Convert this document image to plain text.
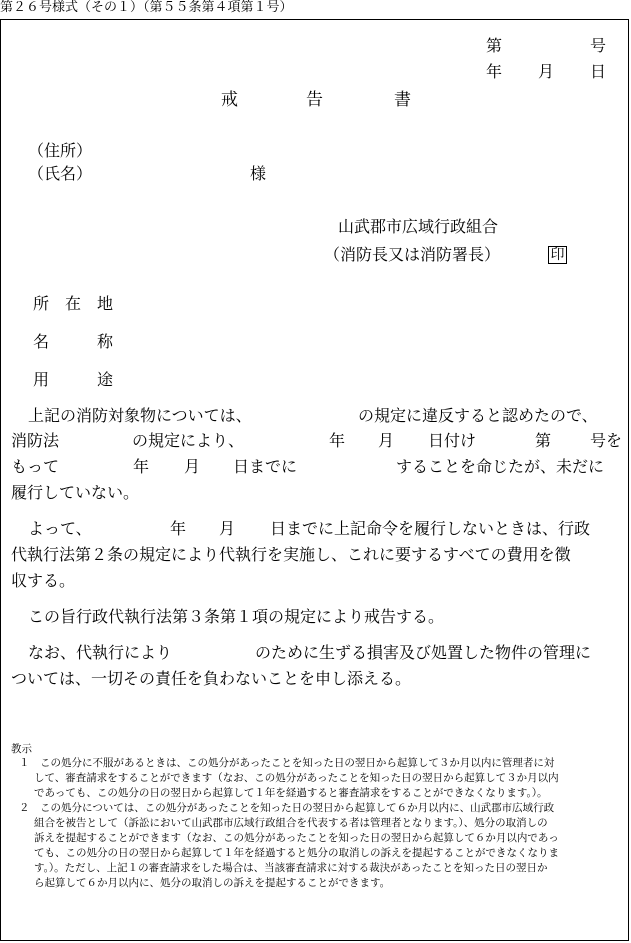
第２６号様式（その１）（第５５条第４項第１号）
第	号
年 月 日
戒	告	書
（住所）
（氏名）	様
山武郡市広域行政組合
（消防長又は消防署長）	印
所 在 地
名	称
用	途
上記の消防対象物については、	の規定に違反すると認めたので、
消防法	の規定により、	年 月 日付け	第 号を
もって	年 月 日までに	することを命じたが、未だに
履行していない。
よって、	年 月 日までに上記命令を履行しないときは、行政
代執行法第２条の規定により代執行を実施し、これに要するすべての費用を徴
収する。
この旨行政代執行法第３条第１項の規定により戒告する。
なお、代執行により	のために生ずる損害及び処置した物件の管理に
ついては、一切その責任を負わないことを申し添える。
教示
１　この処分に不服があるときは、この処分があったことを知った日の翌日から起算して３か月以内に管理者に対
して、審査請求をすることができます（なお、この処分があったことを知った日の翌日から起算して３か月以内
であっても、この処分の日の翌日から起算して１年を経過すると審査請求をすることができなくなります。）。
２　この処分については、この処分があったことを知った日の翌日から起算して６か月以内に、山武郡市広域行政
組合を被告として（訴訟において山武郡市広域行政組合を代表する者は管理者となります。）、処分の取消しの
訴えを提起することができます（なお、この処分があったことを知った日の翌日から起算して６か月以内であっ
ても、この処分の日の翌日から起算して１年を経過すると処分の取消しの訴えを提起することができなくなりま
す。）。ただし、上記１の審査請求をした場合は、当該審査請求に対する裁決があったことを知った日の翌日か
ら起算して６か月以内に、処分の取消しの訴えを提起することができます。
